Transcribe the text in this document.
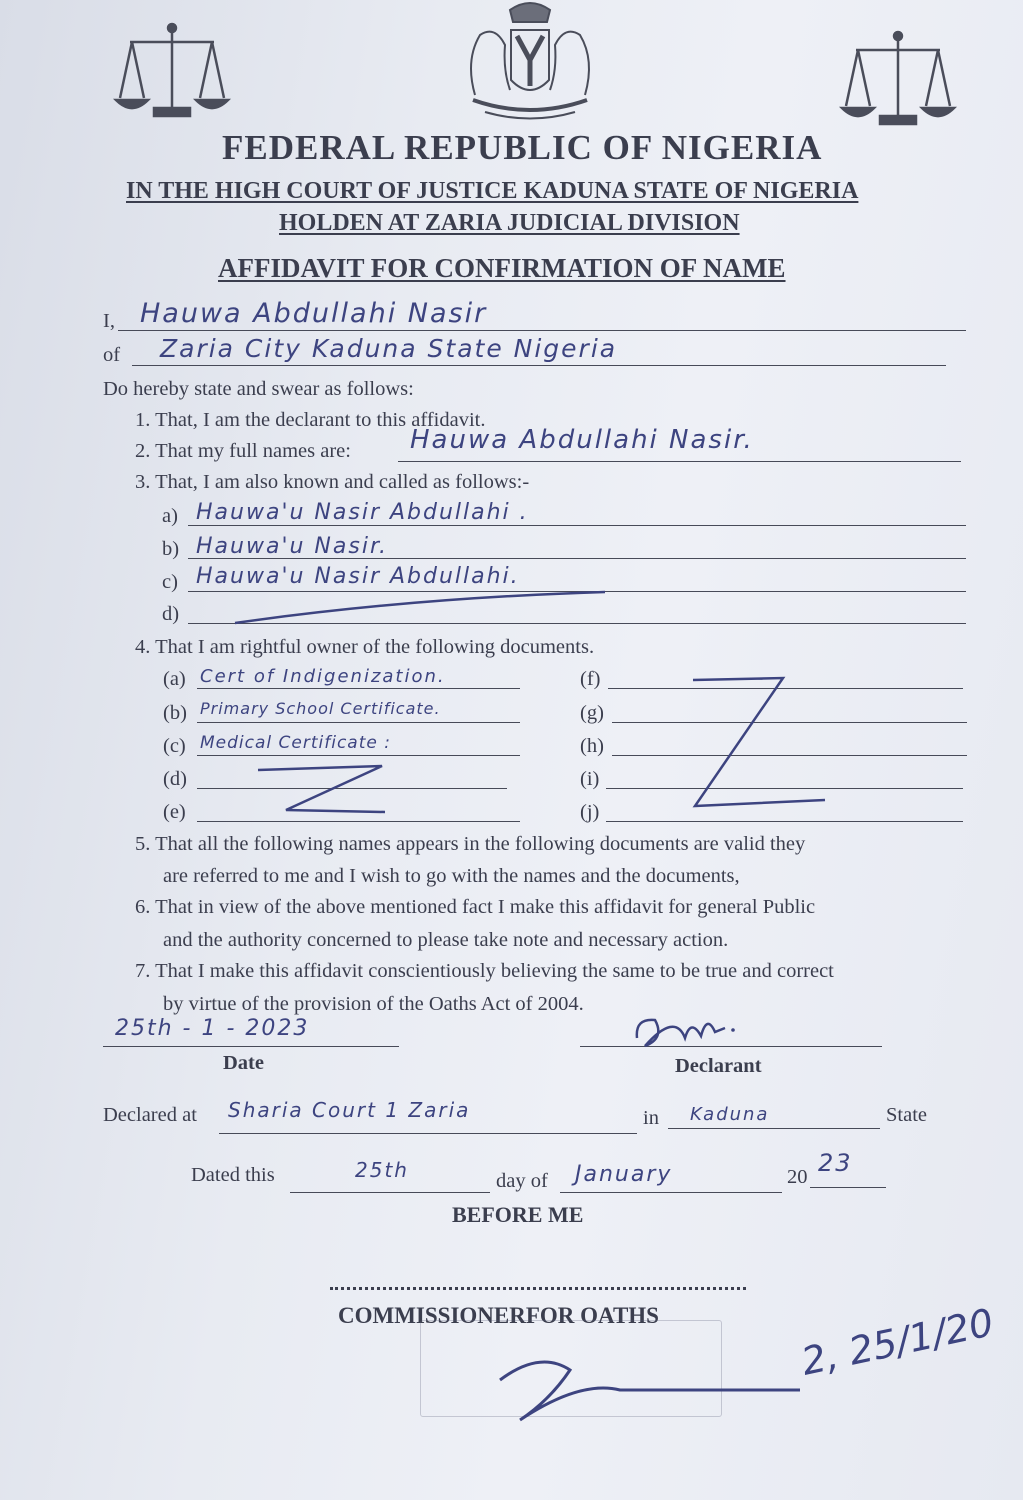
FEDERAL REPUBLIC OF NIGERIA
IN THE HIGH COURT OF JUSTICE KADUNA STATE OF NIGERIA
HOLDEN AT ZARIA JUDICIAL DIVISION
AFFIDAVIT FOR CONFIRMATION OF NAME
I, Hauwa Abdullahi Nasir
of Zaria City Kaduna State Nigeria
Do hereby state and swear as follows:
1. That, I am the declarant to this affidavit.
2. That my full names are: Hauwa Abdullahi Nasir.
3. That, I am also known and called as follows:-
a) Hauwa'u Nasir Abdullahi .
b) Hauwa'u Nasir.
c) Hauwa'u Nasir Abdullahi.
d)
4. That I am rightful owner of the following documents.
(a) Cert of Indigenization.
(b) Primary School Certificate.
(c) Medical Certificate :
(d)
(e)
(f)
(g)
(h)
(i)
(j)
5. That all the following names appears in the following documents are valid they
are referred to me and I wish to go with the names and the documents,
6. That in view of the above mentioned fact I make this affidavit for general Public
and the authority concerned to please take note and necessary action.
7. That I make this affidavit conscientiously believing the same to be true and correct
by virtue of the provision of the Oaths Act of 2004.
25th - 1 - 2023
Date	Declarant
Declared at Sharia Court 1 Zaria	in Kaduna	State
Dated this	25th	day of January	20 23
BEFORE ME
COMMISSIONERFOR OATHS	2, 25/1/20
